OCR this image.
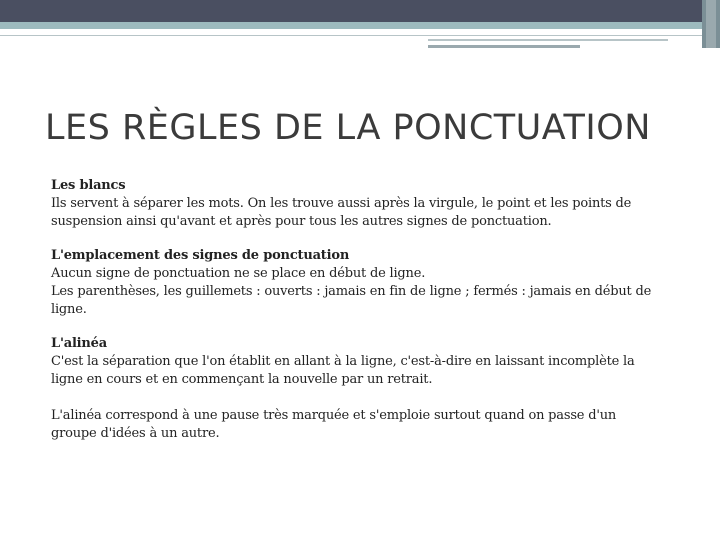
LES RÈGLES DE LA PONCTUATION

Les blancs

Ils servent à séparer les mots. On les trouve aussi après la virgule, le point et les points de suspension ainsi qu'avant et après pour tous les autres signes de ponctuation.

L'emplacement des signes de ponctuation

Aucun signe de ponctuation ne se place en début de ligne.

Les parenthèses, les guillemets : ouverts : jamais en fin de ligne ; fermés : jamais en début de ligne.

L'alinéa

C'est la séparation que l'on établit en allant à la ligne, c'est-à-dire en laissant incomplète la ligne en cours et en commençant la nouvelle par un retrait.

L'alinéa correspond à une pause très marquée et s'emploie surtout quand on passe d'un groupe d'idées à un autre.
